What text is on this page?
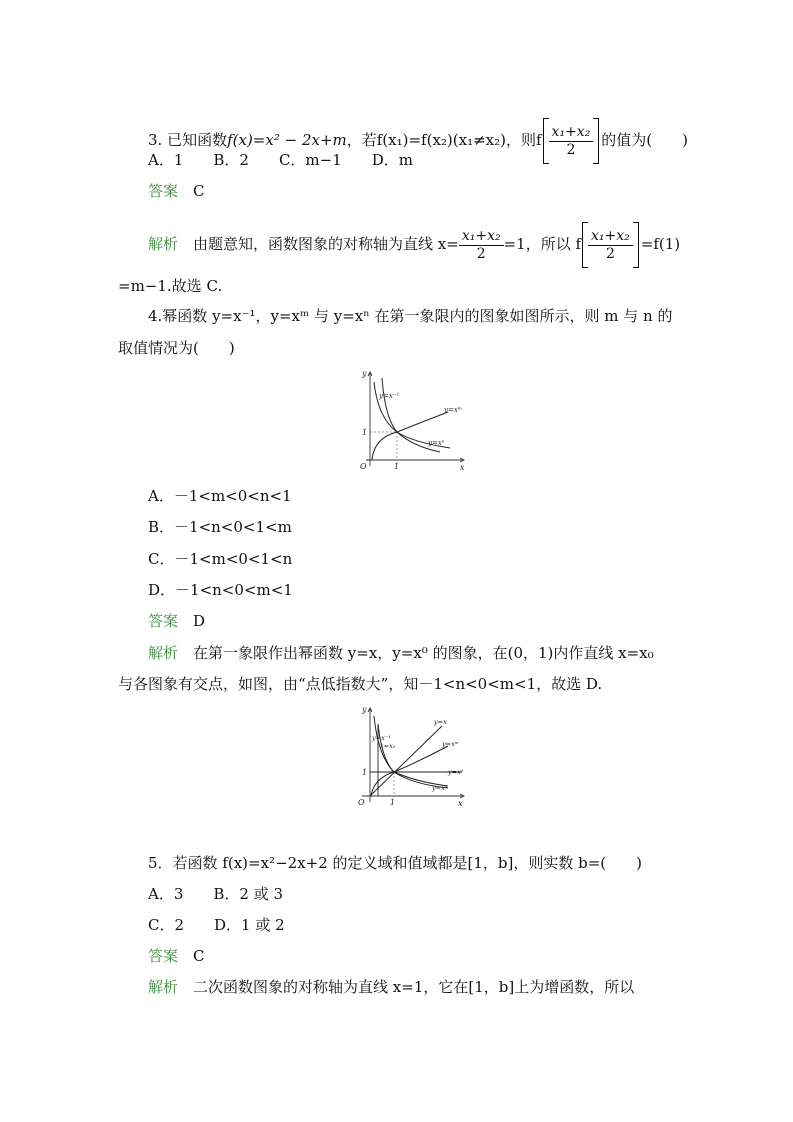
3. 已知函数f(x)=x² − 2x+m，若f(x₁)=f(x₂)(x₁≠x₂)，则f $\frac{\text{x₁+x₂}}{2}$ 的值为(　　)
A．1　　B．2　　C．m−1　　D．m
答案　 C
解析　 由题意知，函数图象的对称轴为直线 $x= \frac{\text{x₁+x₂}}{2} =1$，所以 f $\frac{\text{x₁+x₂}}{2} =f(1)$
=m−1.故选 C.
4.幂函数 y=x⁻¹，y=xᵐ 与 y=xⁿ 在第一象限内的图象如图所示，则 m 与 n 的
取值情况为(　　)
y
x
O	1
1
y=x⁻¹
y=xᵐ
y=xⁿ
A．－1<m<0<n<1
B．－1<n<0<1<m
C．－1<m<0<1<n
D．－1<n<0<m<1
答案　 D
解析　 在第一象限作出幂函数 y=x，y=x⁰ 的图象，在(0，1)内作直线 x=x₀
与各图象有交点，如图，由“点低指数大”，知－1<n<0<m<1，故选 D.
y
x
O	1
1
y=x⁻¹
x=x₀
y=x
y=xᵐ
y=x⁰
y=xⁿ
5．若函数 f(x)=x²−2x+2 的定义域和值域都是[1，b]，则实数 b=(　　)
A．3　　B．2 或 3
C．2　　D．1 或 2
答案　 C
解析　 二次函数图象的对称轴为直线 x=1，它在[1，b]上为增函数，所以
